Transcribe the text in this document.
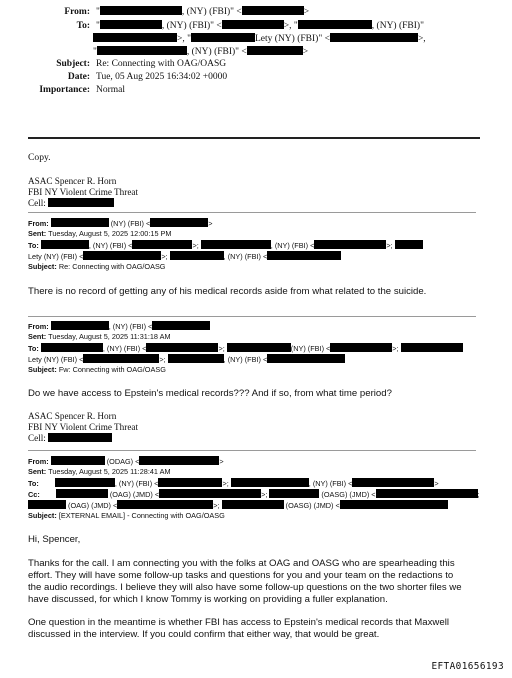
From: "	, (NY) (FBI)" <	>
To: "	, (NY) (FBI)" <	>, "	, (NY) (FBI)"
>, "	Lety (NY) (FBI)" <	>,
"	, (NY) (FBI)" <	>
Subject: Re: Connecting with OAG/OASG
Date: Tue, 05 Aug 2025 16:34:02 +0000
Importance: Normal
Copy.
ASAC Spencer R. Horn
FBI NY Violent Crime Threat
Cell:
From:	(NY) (FBI) <	>
Sent: Tuesday, August 5, 2025 12:00:15 PM
To:	, (NY) (FBI) <	>;	, (NY) (FBI) <	>;
Lety (NY) (FBI) <	>;	, (NY) (FBI) <
Subject: Re: Connecting with OAG/OASG
There is no record of getting any of his medical records aside from what related to the suicide.
From:	, (NY) (FBI) <
Sent: Tuesday, August 5, 2025 11:31:18 AM
To:	, (NY) (FBI) <	>;	(NY) (FBI) <	>;
Lety (NY) (FBI) <	>;	, (NY) (FBI) <
Subject: Fw: Connecting with OAG/OASG
Do we have access to Epstein's medical records??? And if so, from what time period?
ASAC Spencer R. Horn
FBI NY Violent Crime Threat
Cell:
From:	(ODAG) <	>
Sent: Tuesday, August 5, 2025 11:28:41 AM
To:	, (NY) (FBI) <	>;	, (NY) (FBI) <	>
Cc:	(OAG) (JMD) <	>;	(OASG) (JMD) <	;
(OAG) (JMD) <	>;	(OASG) (JMD) <
Subject: [EXTERNAL EMAIL] - Connecting with OAG/OASG
Hi, Spencer,
Thanks for the call. I am connecting you with the folks at OAG and OASG who are spearheading this
effort. They will have some follow-up tasks and questions for you and your team on the redactions to
the audio recordings. I believe they will also have some follow-up questions on the two shorter files we
have discussed, for which I know Tommy is working on providing a fuller explanation.
One question in the meantime is whether FBI has access to Epstein's medical records that Maxwell
discussed in the interview. If you could confirm that either way, that would be great.
EFTA01656193
